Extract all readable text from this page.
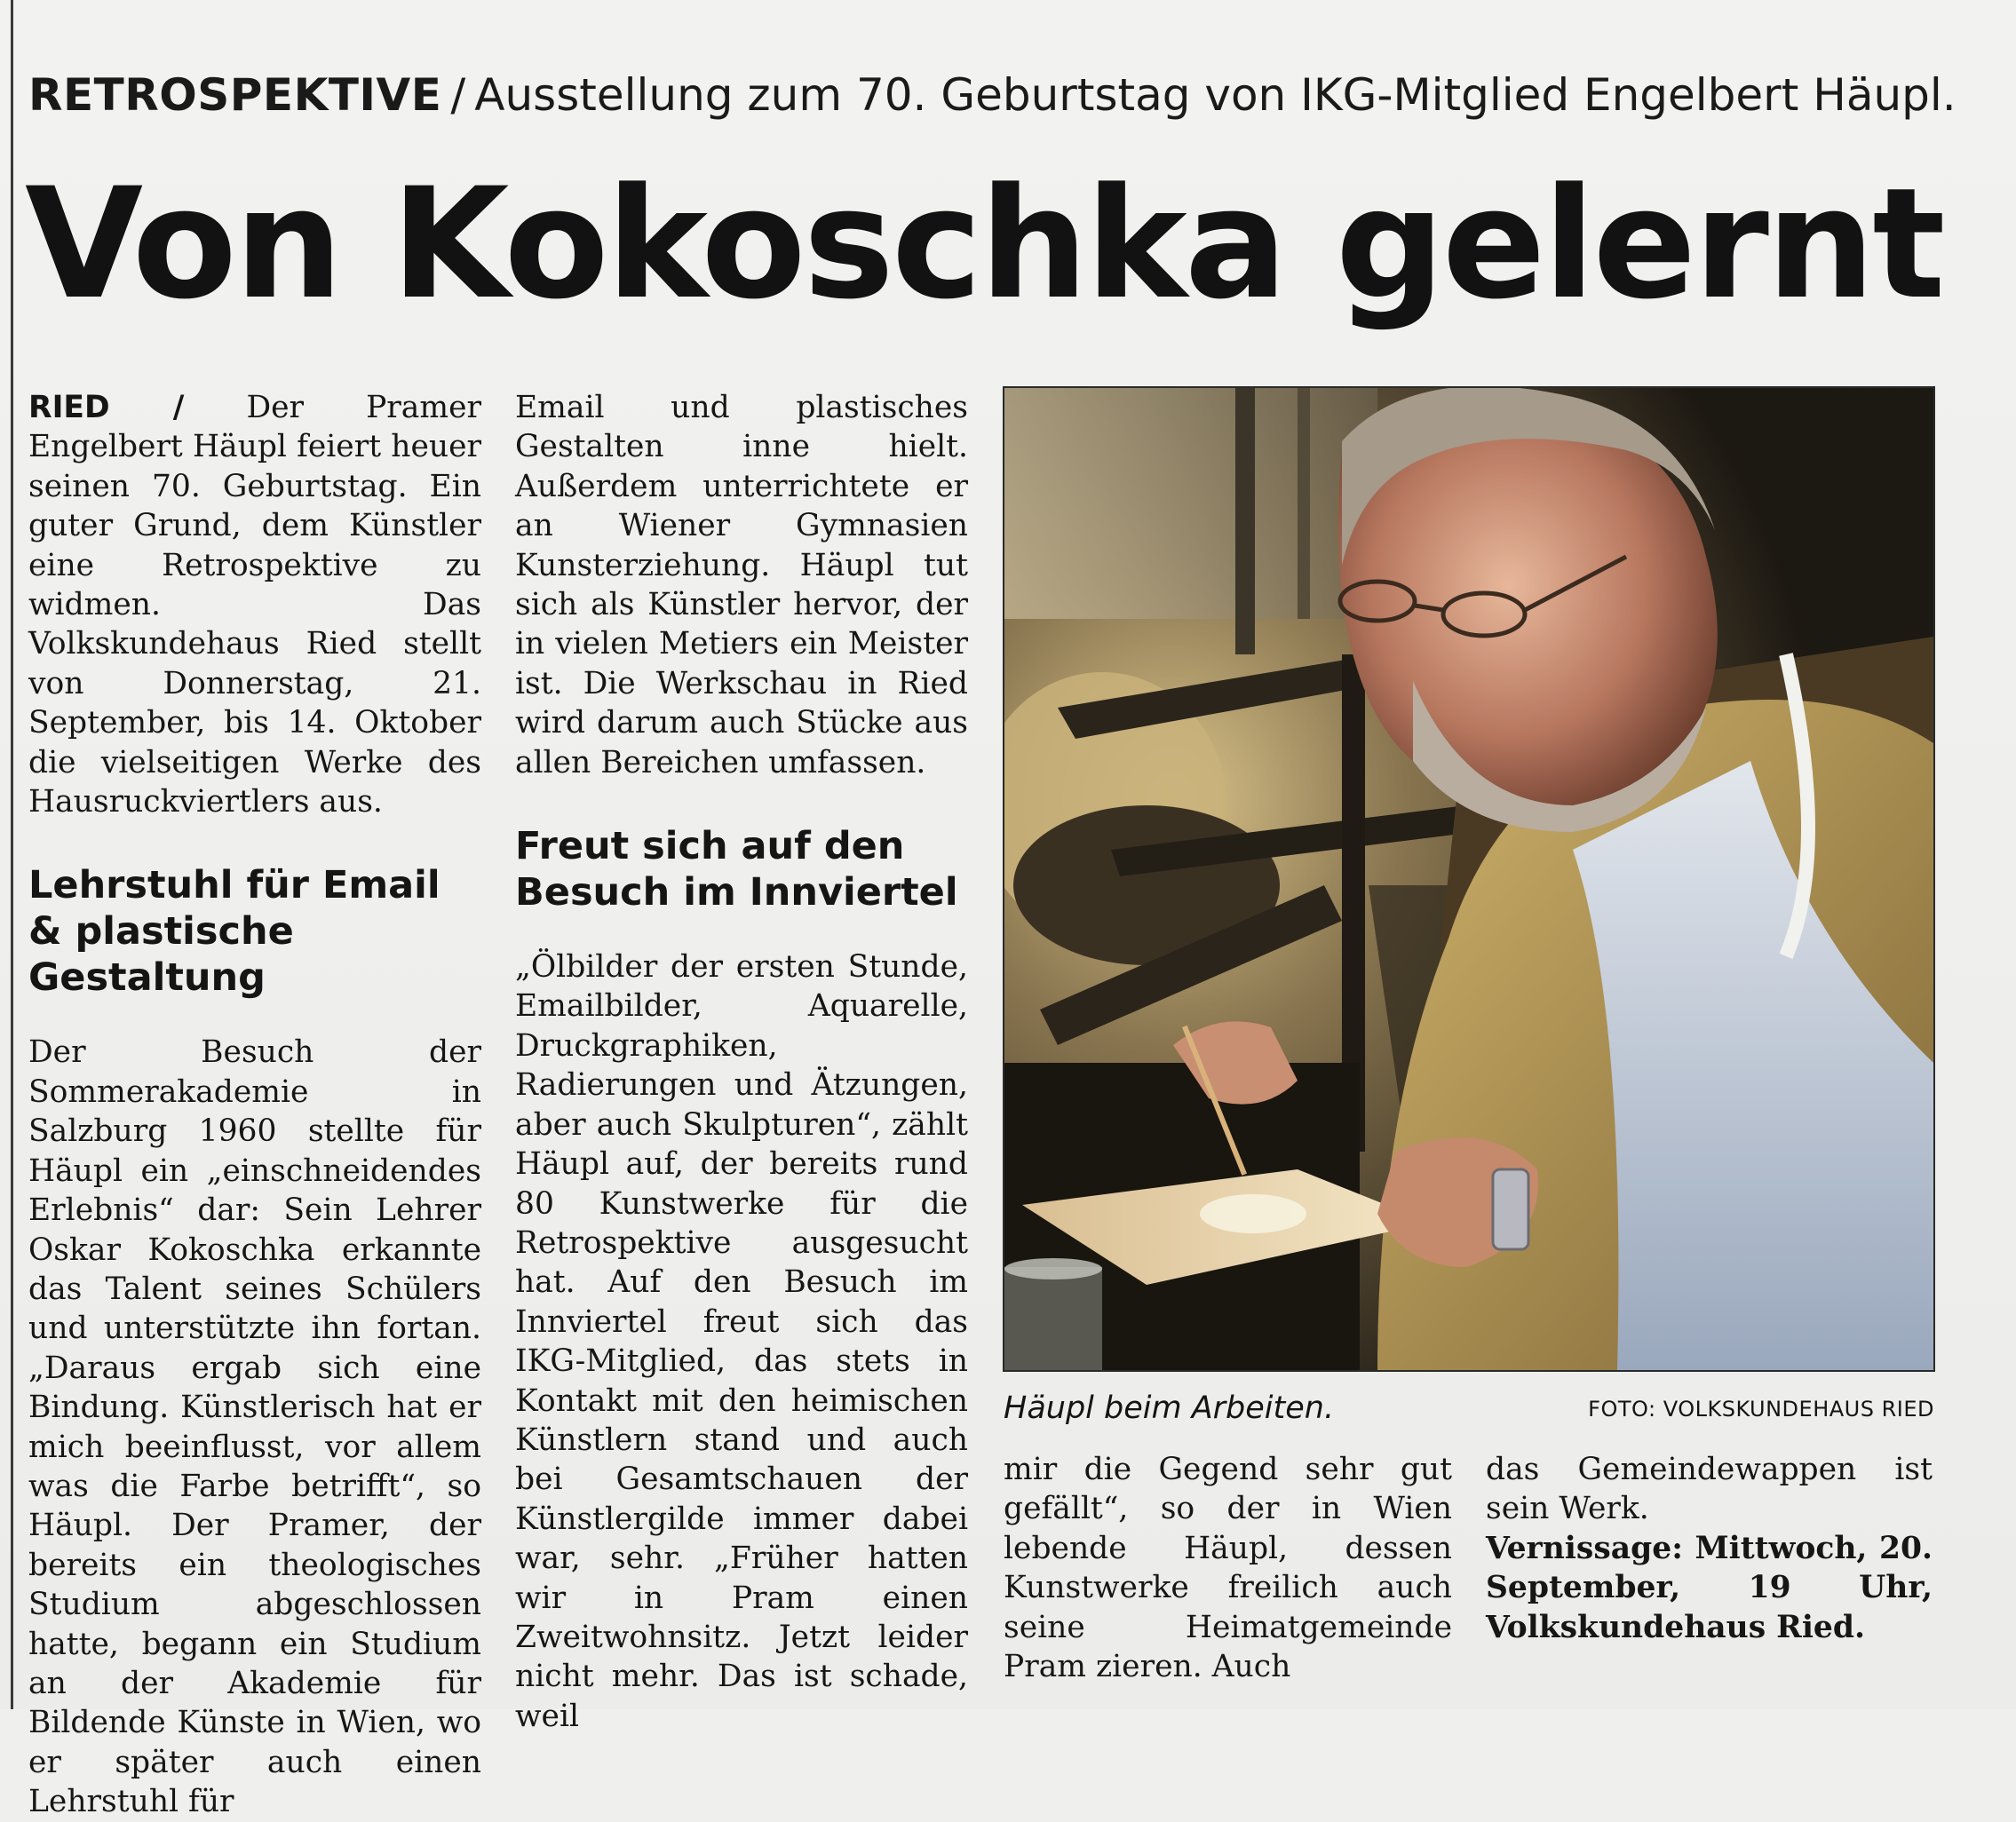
RETROSPEKTIVE / Ausstellung zum 70. Geburtstag von IKG-Mitglied Engelbert Häupl.
Von Kokoschka gelernt

RIED / Der Pramer Engelbert Häupl feiert heuer seinen 70. Geburtstag. Ein guter Grund, dem Künstler eine Retrospektive zu widmen. Das Volkskundehaus Ried stellt von Donnerstag, 21. September, bis 14. Oktober die vielseitigen Werke des Hausruckviertlers aus.

Lehrstuhl für Email & plastische Gestaltung

Der Besuch der Sommerakademie in Salzburg 1960 stellte für Häupl ein „einschneidendes Erlebnis“ dar: Sein Lehrer Oskar Kokoschka erkannte das Talent seines Schülers und unterstützte ihn fortan. „Daraus ergab sich eine Bindung. Künstlerisch hat er mich beeinflusst, vor allem was die Farbe betrifft“, so Häupl. Der Pramer, der bereits ein theologisches Studium abgeschlossen hatte, begann ein Studium an der Akademie für Bildende Künste in Wien, wo er später auch einen Lehrstuhl für

Email und plastisches Gestalten inne hielt. Außerdem unterrichtete er an Wiener Gymnasien Kunsterziehung. Häupl tut sich als Künstler hervor, der in vielen Metiers ein Meister ist. Die Werkschau in Ried wird darum auch Stücke aus allen Bereichen umfassen.

Freut sich auf den Besuch im Innviertel

„Ölbilder der ersten Stunde, Emailbilder, Aquarelle, Druckgraphiken, Radierungen und Ätzungen, aber auch Skulpturen“, zählt Häupl auf, der bereits rund 80 Kunstwerke für die Retrospektive ausgesucht hat. Auf den Besuch im Innviertel freut sich das IKG-Mitglied, das stets in Kontakt mit den heimischen Künstlern stand und auch bei Gesamtschauen der Künstlergilde immer dabei war, sehr. „Früher hatten wir in Pram einen Zweitwohnsitz. Jetzt leider nicht mehr. Das ist schade, weil

Häupl beim Arbeiten.	FOTO: VOLKSKUNDEHAUS RIED

mir die Gegend sehr gut gefällt“, so der in Wien lebende Häupl, dessen Kunstwerke freilich auch seine Heimatgemeinde Pram zieren. Auch

das Gemeindewappen ist sein Werk.

Vernissage: Mittwoch, 20. September, 19 Uhr, Volkskundehaus Ried.
